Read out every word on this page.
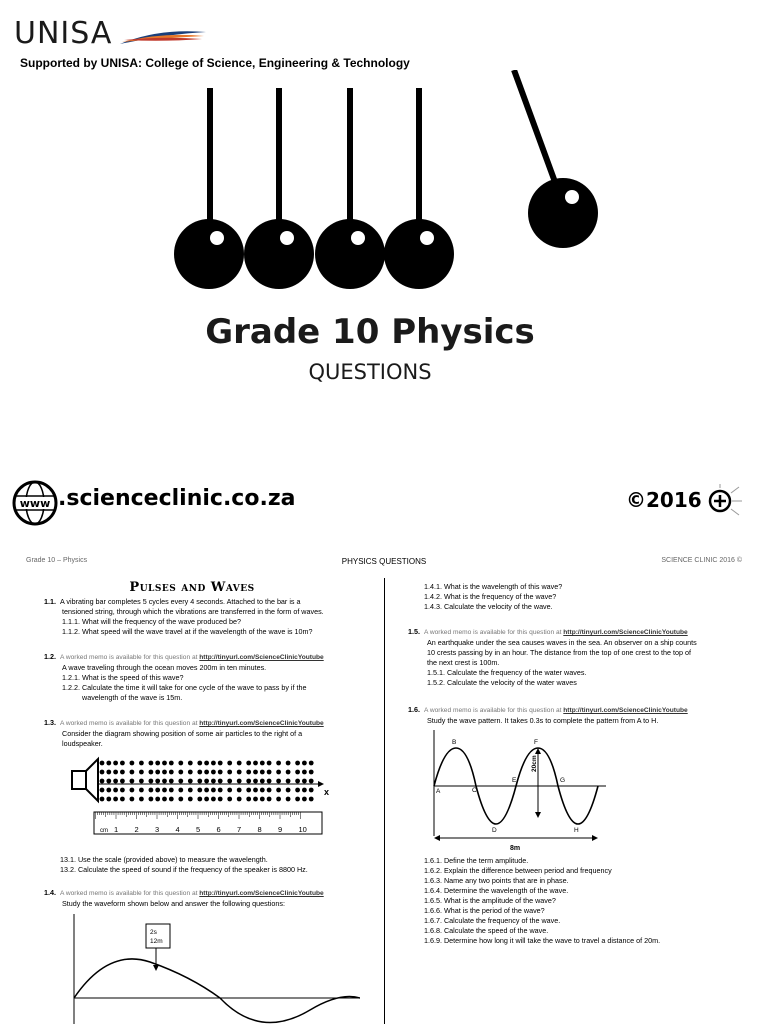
UNISA
Supported by UNISA: College of Science, Engineering & Technology
Grade 10 Physics
QUESTIONS
www .scienceclinic.co.za	©2016
Grade 10 – Physics	PHYSICS QUESTIONS	SCIENCE CLINIC 2016 ©
Pulses and Waves
1.1. A vibrating bar completes 5 cycles every 4 seconds. Attached to the bar is a
tensioned string, through which the vibrations are transferred in the form of waves.
1.1.1. What will the frequency of the wave produced be?
1.1.2. What speed will the wave travel at if the wavelength of the wave is 10m?
1.2. A worked memo is available for this question at http://tinyurl.com/ScienceClinicYoutube
A wave traveling through the ocean moves 200m in ten minutes.
1.2.1. What is the speed of this wave?
1.2.2. Calculate the time it will take for one cycle of the wave to pass by if the
wavelength of the wave is 15m.
1.3. A worked memo is available for this question at http://tinyurl.com/ScienceClinicYoutube
Consider the diagram showing position of some air particles to the right of a
loudspeaker.
x
1 2 3 4 5 6 7 8 9 10
cm
13.1. Use the scale (provided above) to measure the wavelength.
13.2. Calculate the speed of sound if the frequency of the speaker is 8800 Hz.
1.4. A worked memo is available for this question at http://tinyurl.com/ScienceClinicYoutube
Study the waveform shown below and answer the following questions:
2s
12m
1.4.1. What is the wavelength of this wave?
1.4.2. What is the frequency of the wave?
1.4.3. Calculate the velocity of the wave.
1.5. A worked memo is available for this question at http://tinyurl.com/ScienceClinicYoutube
An earthquake under the sea causes waves in the sea. An observer on a ship counts
10 crests passing by in an hour. The distance from the top of one crest to the top of
the next crest is 100m.
1.5.1. Calculate the frequency of the water waves.
1.5.2. Calculate the velocity of the water waves
1.6. A worked memo is available for this question at http://tinyurl.com/ScienceClinicYoutube
Study the wave pattern. It takes 0.3s to complete the pattern from A to H.
A
B
C
D
E
F
G
H
20cm
8m
1.6.1. Define the term amplitude.
1.6.2. Explain the difference between period and frequency
1.6.3. Name any two points that are in phase.
1.6.4. Determine the wavelength of the wave.
1.6.5. What is the amplitude of the wave?
1.6.6. What is the period of the wave?
1.6.7. Calculate the frequency of the wave.
1.6.8. Calculate the speed of the wave.
1.6.9. Determine how long it will take the wave to travel a distance of 20m.
